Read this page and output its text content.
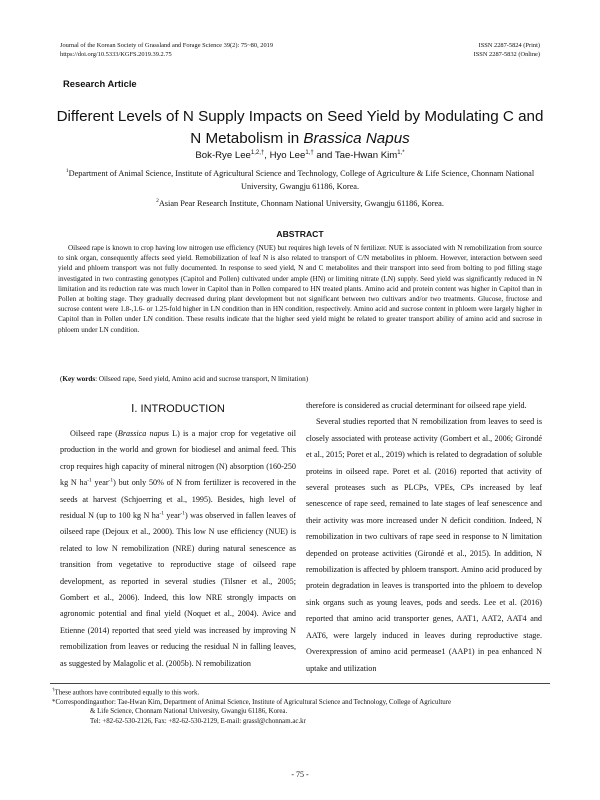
Journal of the Korean Society of Grassland and Forage Science 39(2): 75~80, 2019
https://doi.org/10.5333/KGFS.2019.39.2.75
ISSN 2287-5824 (Print)
ISSN 2287-5832 (Online)
Research Article
Different Levels of N Supply Impacts on Seed Yield by Modulating C and
N Metabolism in Brassica Napus
Bok-Rye Lee$^{1,2,\dagger}$, Hyo Lee$^{1,\dagger}$ and Tae-Hwan Kim$^{1,*}$
$^1$Department of Animal Science, Institute of Agricultural Science and Technology, College of Agriculture & Life Science, Chonnam National University, Gwangju 61186, Korea.
$^2$Asian Pear Research Institute, Chonnam National University, Gwangju 61186, Korea.
ABSTRACT
Oilseed rape is known to crop having low nitrogen use efficiency (NUE) but requires high levels of N fertilizer. NUE is associated with N remobilization from source to sink organ, consequently affects seed yield. Remobilization of leaf N is also related to transport of C/N metabolites in phloem. However, interaction between seed yield and phloem transport was not fully documented. In response to seed yield, N and C metabolites and their transport into seed from bolting to pod filling stage investigated in two contrasting genotypes (Capitol and Pollen) cultivated under ample (HN) or limiting nitrate (LN) supply. Seed yield was significantly reduced in N limitation and its reduction rate was much lower in Capitol than in Pollen compared to HN treated plants. Amino acid and protein content was higher in Capitol than in Pollen at bolting stage. They gradually decreased during plant development but not significant between two cultivars and/or two treatments. Glucose, fructose and sucrose content were 1.8-,1.6- or 1.25-fold higher in LN condition than in HN condition, respectively. Amino acid and sucrose content in phloem were largely higher in Capitol than in Pollen under LN condition. These results indicate that the higher seed yield might be related to greater transport ability of amino acid and sucrose in phloem under LN condition.
(Key words: Oilseed rape, Seed yield, Amino acid and sucrose transport, N limitation)

Ⅰ. INTRODUCTION

Oilseed rape (Brassica napus L) is a major crop for vegetative oil production in the world and grown for biodiesel and animal feed. This crop requires high capacity of mineral nitrogen (N) absorption (160-250 kg N $ha^{-1}$ year$^{-1}$) but only 50% of N from fertilizer is recovered in the seeds at harvest (Schjoerring et al., 1995). Besides, high level of residual N (up to 100 kg N $ha^{-1}$ year$^{-1}$) was observed in fallen leaves of oilseed rape (Dejoux et al., 2000). This low N use efficiency (NUE) is related to low N remobilization (NRE) during natural senescence as transition from vegetative to reproductive stage of oilseed rape development, as reported in several studies (Tilsner et al., 2005; Gombert et al., 2006). Indeed, this low NRE strongly impacts on agronomic potential and final yield (Noquet et al., 2004). Avice and Etienne (2014) reported that seed yield was increased by improving N remobilization from leaves or reducing the residual N in falling leaves, as suggested by Malagolic et al. (2005b). N remobilization

therefore is considered as crucial determinant for oilseed rape yield.

Several studies reported that N remobilization from leaves to seed is closely associated with protease activity (Gombert et al., 2006; Girondé et al., 2015; Poret et al., 2019) which is related to degradation of soluble proteins in oilseed rape. Poret et al. (2016) reported that activity of several proteases such as PLCPs, VPEs, CPs increased by leaf senescence of rape seed, remained to late stages of leaf senescence and their activity was more increased under N deficit condition. Indeed, N remobilization in two cultivars of rape seed in response to N limitation depended on protease activities (Girondé et al., 2015). In addition, N remobilization is affected by phloem transport. Amino acid produced by protein degradation in leaves is transported into the phloem to develop sink organs such as young leaves, pods and seeds. Lee et al. (2016) reported that amino acid transporter genes, AAT1, AAT2, AAT4 and AAT6, were largely induced in leaves during reproductive stage. Overexpression of amino acid permease1 (AAP1) in pea enhanced N uptake and utilization

†These authors have contributed equally to this work.
*Correspondingauthor: Tae-Hwan Kim, Department of Animal Science, Institute of Agricultural Science and Technology, College of Agriculture
& Life Science, Chonnam National University, Gwangju 61186, Korea.
Tel: +82-62-530-2126, Fax: +82-62-530-2129, E-mail: grassl@chonnam.ac.kr
- 75 -
